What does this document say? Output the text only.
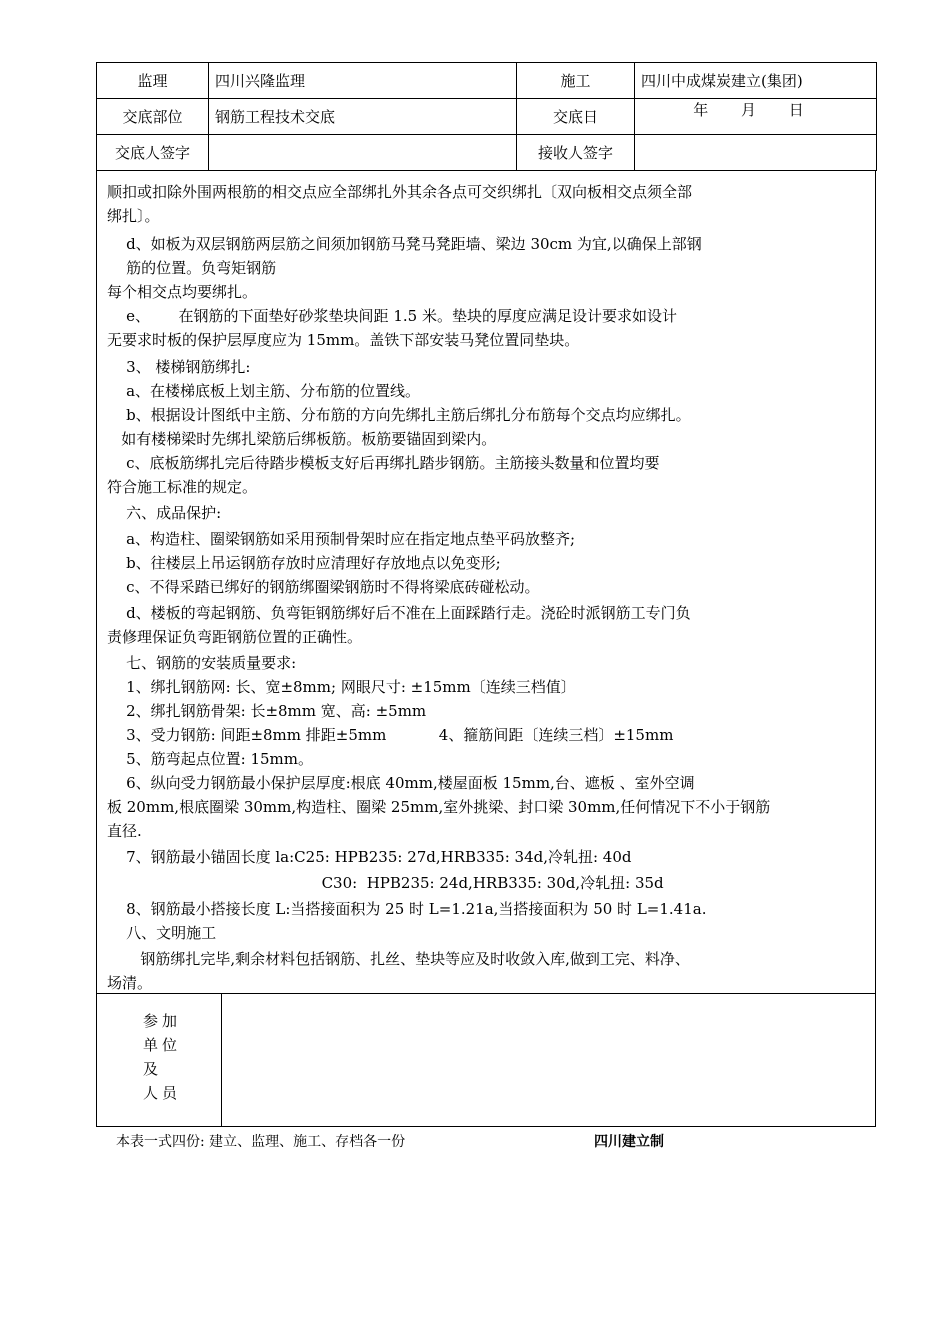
监理	四川兴隆监理	施工	四川中成煤炭建立(集团)
交底部位	钢筋工程技术交底	交底日	年 月 日
交底人签字		接收人签字	
顺扣或扣除外围两根筋的相交点应全部绑扎外其余各点可交织绑扎〔双向板相交点须全部
绑扎〕。
d、如板为双层钢筋两层筋之间须加钢筋马凳马凳距墙、梁边 30cm 为宜,以确保上部钢
筋的位置。负弯矩钢筋
每个相交点均要绑扎。
e、      在钢筋的下面垫好砂浆垫块间距 1.5 米。垫块的厚度应满足设计要求如设计
无要求时板的保护层厚度应为 15mm。盖铁下部安装马凳位置同垫块。
3、 楼梯钢筋绑扎:
a、在楼梯底板上划主筋、分布筋的位置线。
b、根据设计图纸中主筋、分布筋的方向先绑扎主筋后绑扎分布筋每个交点均应绑扎。
如有楼梯梁时先绑扎梁筋后绑板筋。板筋要锚固到梁内。
c、底板筋绑扎完后待踏步模板支好后再绑扎踏步钢筋。主筋接头数量和位置均要
符合施工标准的规定。
六、成品保护:
a、构造柱、圈梁钢筋如采用预制骨架时应在指定地点垫平码放整齐;
b、往楼层上吊运钢筋存放时应清理好存放地点以免变形;
c、不得采踏已绑好的钢筋绑圈梁钢筋时不得将梁底砖碰松动。
d、楼板的弯起钢筋、负弯钜钢筋绑好后不准在上面踩踏行走。浇砼时派钢筋工专门负
责修理保证负弯距钢筋位置的正确性。
七、钢筋的安装质量要求:
1、绑扎钢筋网: 长、宽±8mm; 网眼尺寸: ±15mm〔连续三档值〕
2、绑扎钢筋骨架: 长±8mm 宽、高: ±5mm
3、受力钢筋: 间距±8mm 排距±5mm           4、箍筋间距〔连续三档〕±15mm
5、筋弯起点位置: 15mm。
6、纵向受力钢筋最小保护层厚度:根底 40mm,楼屋面板 15mm,台、遮板 、室外空调
板 20mm,根底圈梁 30mm,构造柱、圈梁 25mm,室外挑梁、封口梁 30mm,任何情况下不小于钢筋
直径.
7、钢筋最小锚固长度 la:C25: HPB235: 27d,HRB335: 34d,冷轧扭: 40d
C30:  HPB235: 24d,HRB335: 30d,冷轧扭: 35d
8、钢筋最小搭接长度 L:当搭接面积为 25 时 L=1.21a,当搭接面积为 50 时 L=1.41a.
八、文明施工
钢筋绑扎完毕,剩余材料包括钢筋、扎丝、垫块等应及时收敛入库,做到工完、料净、
场清。
参加
单位
及
人员
本表一式四份: 建立、监理、施工、存档各一份	四川建立制
